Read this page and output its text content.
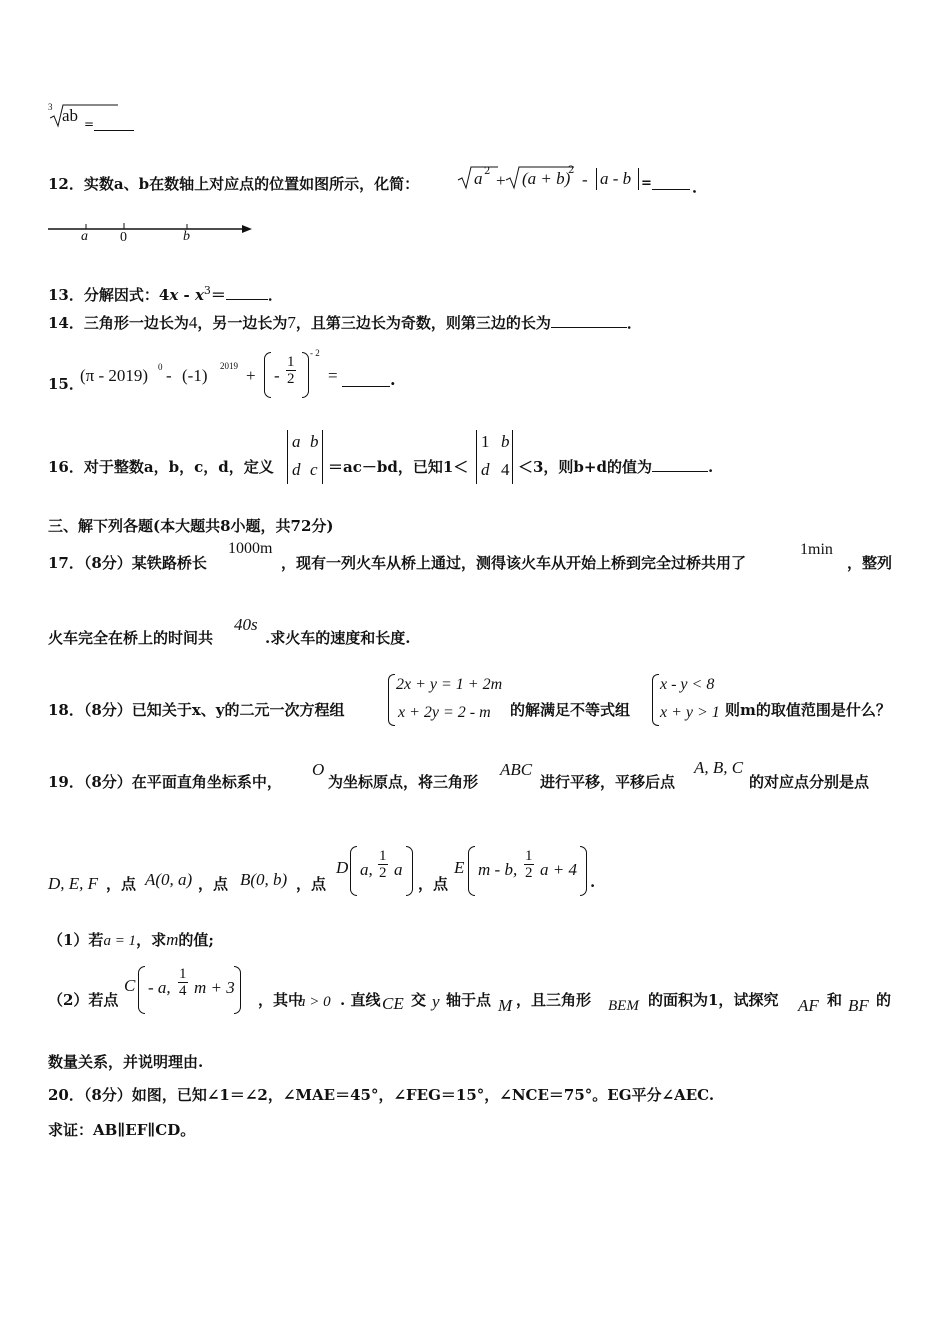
3 ab =
12．实数a、b在数轴上对应点的位置如图所示，化简：	a 2 + (a + b)
2 - a - b =	．
a 0	b
13．分解因式：$4x - x^3=$	．
14．三角形一边长为4，另一边长为7，且第三边长为奇数，则第三边的长为	．
15．
(π - 2019) 0 - (-1) 2019 + - $\frac{1}{2}$
- 2
=	.
16．对于整数a，b，c，d，定义
a b
d c ＝ac－bd，已知1＜
1 b
d 4 ＜3，则b+d的值为	.
三、解下列各题(本大题共8小题，共72分)
17．（8分）某铁路桥长
1000m
，现有一列火车从桥上通过，测得该火车从开始上桥到完全过桥共用了
1min
，整列
火车完全在桥上的时间共
40s
.求火车的速度和长度.
18．（8分）已知关于x、y的二元一次方程组
2x + y = 1 + 2m
x + 2y = 2 - m 的解满足不等式组
x - y < 8
x + y > 1 则m的取值范围是什么？
19．（8分）在平面直角坐标系中，
O
为坐标原点，将三角形
ABC
进行平移，平移后点
A, B, C
的对应点分别是点
D, E, F ，点 A(0, a) ，点 B(0, b) ，点
D a, $\frac{1}{2}$ a
，点
E m - b, $\frac{1}{2}$ a + 4
.
（1）若a = 1，求m的值;
（2）若点
C - a, $\frac{1}{4}$ m + 3
，其中
a > 0 . 直线 CE 交 y 轴于点 M ，且三角形 BEM 的面积为1，试探究 AF 和 BF 的
数量关系，并说明理由.
20．（8分）如图，已知∠1＝∠2，∠MAE＝45°，∠FEG＝15°，∠NCE＝75°。EG平分∠AEC.
求证：AB∥EF∥CD。
